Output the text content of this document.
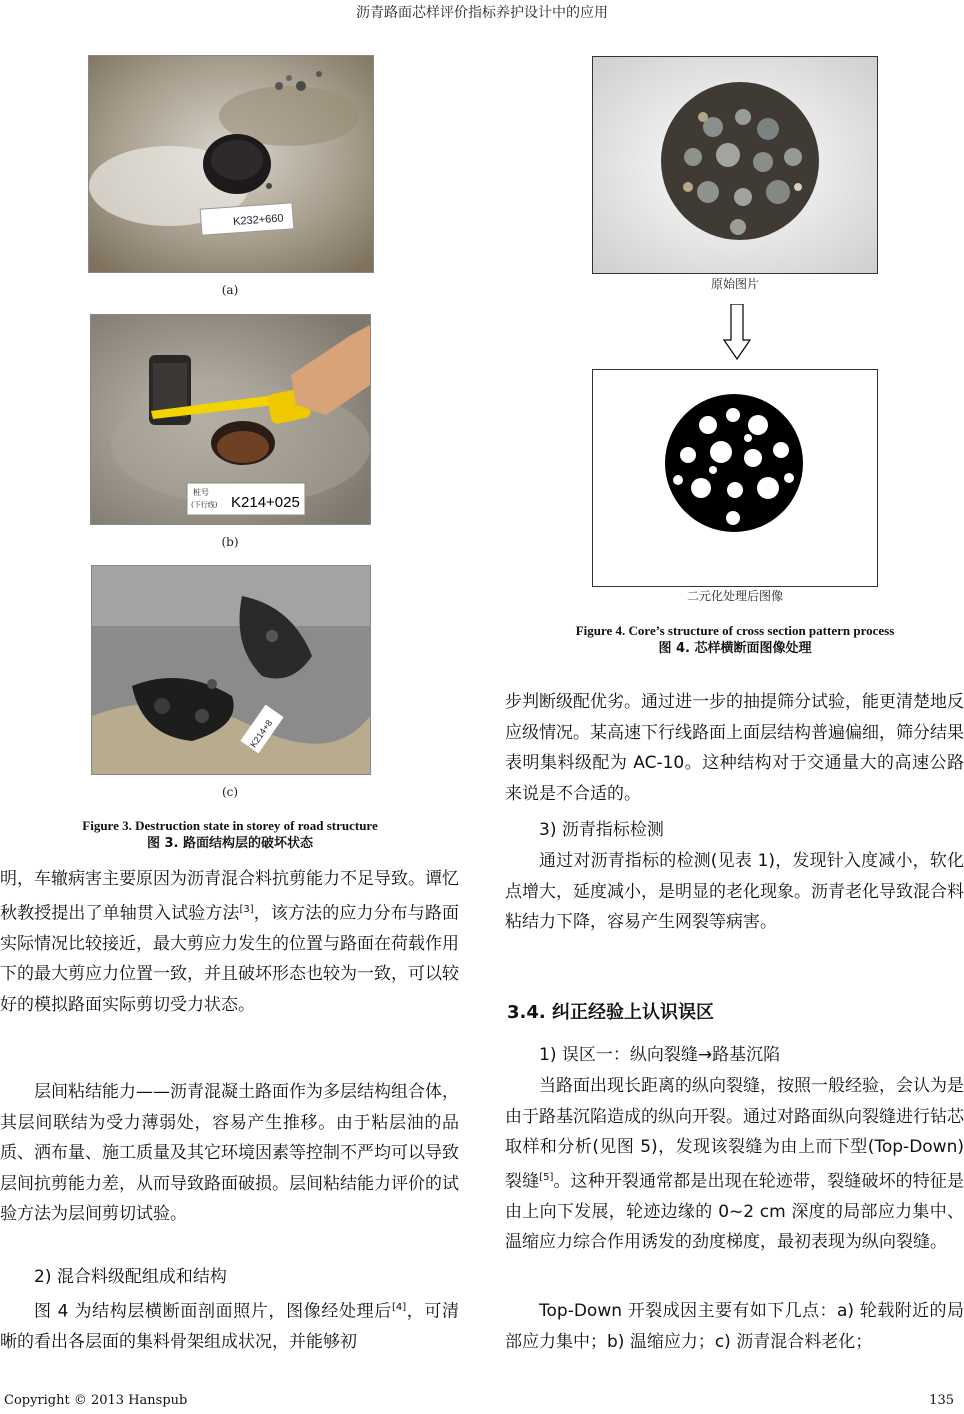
沥青路面芯样评价指标养护设计中的应用
K232+660
(a)
桩号
(下行线) K214+025
(b)
K214+8
(c)
Figure 3. Destruction state in storey of road structure
图 3. 路面结构层的破坏状态
原始图片
二元化处理后图像
Figure 4. Core’s structure of cross section pattern process
图 4. 芯样横断面图像处理

明，车辙病害主要原因为沥青混合料抗剪能力不足导致。谭忆秋教授提出了单轴贯入试验方法[3]，该方法的应力分布与路面实际情况比较接近，最大剪应力发生的位置与路面在荷载作用下的最大剪应力位置一致，并且破坏形态也较为一致，可以较好的模拟路面实际剪切受力状态。

层间粘结能力——沥青混凝土路面作为多层结构组合体，其层间联结为受力薄弱处，容易产生推移。由于粘层油的品质、洒布量、施工质量及其它环境因素等控制不严均可以导致层间抗剪能力差，从而导致路面破损。层间粘结能力评价的试验方法为层间剪切试验。

2) 混合料级配组成和结构

图 4 为结构层横断面剖面照片，图像经处理后[4]，可清晰的看出各层面的集料骨架组成状况，并能够初

步判断级配优劣。通过进一步的抽提筛分试验，能更清楚地反应级情况。某高速下行线路面上面层结构普遍偏细，筛分结果表明集料级配为 AC-10。这种结构对于交通量大的高速公路来说是不合适的。

3) 沥青指标检测

通过对沥青指标的检测(见表 1)，发现针入度减小，软化点增大，延度减小，是明显的老化现象。沥青老化导致混合料粘结力下降，容易产生网裂等病害。

3.4. 纠正经验上认识误区

1) 误区一：纵向裂缝→路基沉陷

当路面出现长距离的纵向裂缝，按照一般经验，会认为是由于路基沉陷造成的纵向开裂。通过对路面纵向裂缝进行钻芯取样和分析(见图 5)，发现该裂缝为由上而下型(Top-Down)裂缝[5]。这种开裂通常都是出现在轮迹带，裂缝破坏的特征是由上向下发展，轮迹边缘的 0~2 cm 深度的局部应力集中、温缩应力综合作用诱发的劲度梯度，最初表现为纵向裂缝。

Top-Down 开裂成因主要有如下几点：a) 轮载附近的局部应力集中；b) 温缩应力；c) 沥青混合料老化；

Copyright © 2013 Hanspub	135
